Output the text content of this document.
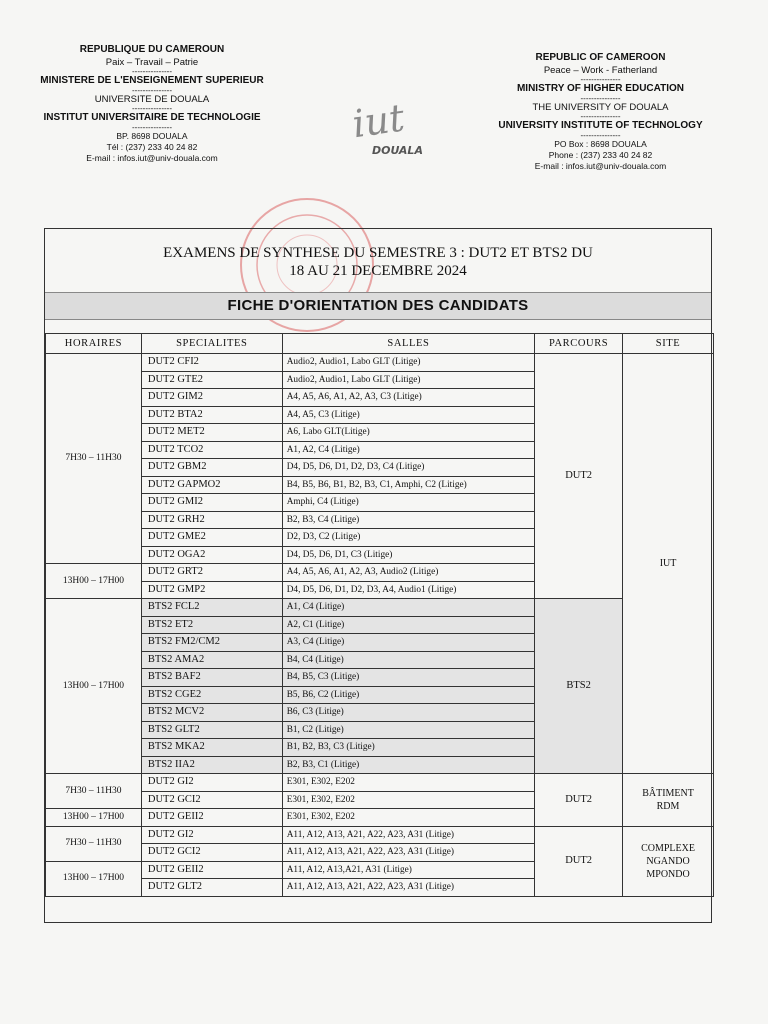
REPUBLIQUE DU CAMEROUN
Paix – Travail – Patrie
---------------
MINISTERE DE L'ENSEIGNEMENT SUPERIEUR
---------------
UNIVERSITE DE DOUALA
---------------
INSTITUT UNIVERSITAIRE DE TECHNOLOGIE
---------------
BP. 8698 DOUALA
Tél : (237) 233 40 24 82
E-mail : infos.iut@univ-douala.com
REPUBLIC OF CAMEROON
Peace – Work - Fatherland
---------------
MINISTRY OF HIGHER EDUCATION
---------------
THE UNIVERSITY OF DOUALA
---------------
UNIVERSITY INSTITUTE OF TECHNOLOGY
---------------
PO Box : 8698 DOUALA
Phone : (237) 233 40 24 82
E-mail : infos.iut@univ-douala.com
iut
DOUALA
EXAMENS DE SYNTHESE DU SEMESTRE 3 : DUT2 ET BTS2 DU
18 AU 21 DECEMBRE 2024
FICHE D'ORIENTATION DES CANDIDATS
HORAIRES	SPECIALITES	SALLES	PARCOURS	SITE
7H30 – 11H30	DUT2 CFI2	Audio2, Audio1, Labo GLT (Litige)	DUT2	IUT
	DUT2 GTE2	Audio2, Audio1, Labo GLT (Litige)		
	DUT2 GIM2	A4, A5, A6, A1, A2, A3, C3 (Litige)		
	DUT2 BTA2	A4, A5, C3 (Litige)		
	DUT2 MET2	A6, Labo GLT(Litige)		
	DUT2 TCO2	A1, A2, C4 (Litige)		
	DUT2 GBM2	D4, D5, D6, D1, D2, D3, C4 (Litige)		
	DUT2 GAPMO2	B4, B5, B6, B1, B2, B3, C1, Amphi, C2 (Litige)		
	DUT2 GMI2	Amphi, C4 (Litige)		
	DUT2 GRH2	B2, B3, C4 (Litige)		
	DUT2 GME2	D2, D3, C2 (Litige)		
	DUT2 OGA2	D4, D5, D6, D1, C3 (Litige)		
13H00 – 17H00	DUT2 GRT2	A4, A5, A6, A1, A2, A3, Audio2 (Litige)		
	DUT2 GMP2	D4, D5, D6, D1, D2, D3, A4, Audio1 (Litige)		
13H00 – 17H00	BTS2 FCL2	A1, C4 (Litige)	BTS2	
	BTS2 ET2	A2, C1 (Litige)		
	BTS2 FM2/CM2	A3, C4 (Litige)		
	BTS2 AMA2	B4, C4 (Litige)		
	BTS2 BAF2	B4, B5, C3 (Litige)		
	BTS2 CGE2	B5, B6, C2 (Litige)		
	BTS2 MCV2	B6, C3 (Litige)		
	BTS2 GLT2	B1, C2 (Litige)		
	BTS2 MKA2	B1, B2, B3, C3 (Litige)		
	BTS2 IIA2	B2, B3, C1 (Litige)		
7H30 – 11H30	DUT2 GI2	E301, E302, E202	DUT2	BÂTIMENT
RDM

	DUT2 GCI2	E301, E302, E202		
13H00 – 17H00	DUT2 GEII2	E301, E302, E202		
7H30 – 11H30	DUT2 GI2	A11, A12, A13, A21, A22, A23, A31 (Litige)	DUT2	COMPLEXE
NGANDO
MPONDO

	DUT2 GCI2	A11, A12, A13, A21, A22, A23, A31 (Litige)		
13H00 – 17H00	DUT2 GEII2	A11, A12, A13,A21, A31 (Litige)		
	DUT2 GLT2	A11, A12, A13, A21, A22, A23, A31 (Litige)		
